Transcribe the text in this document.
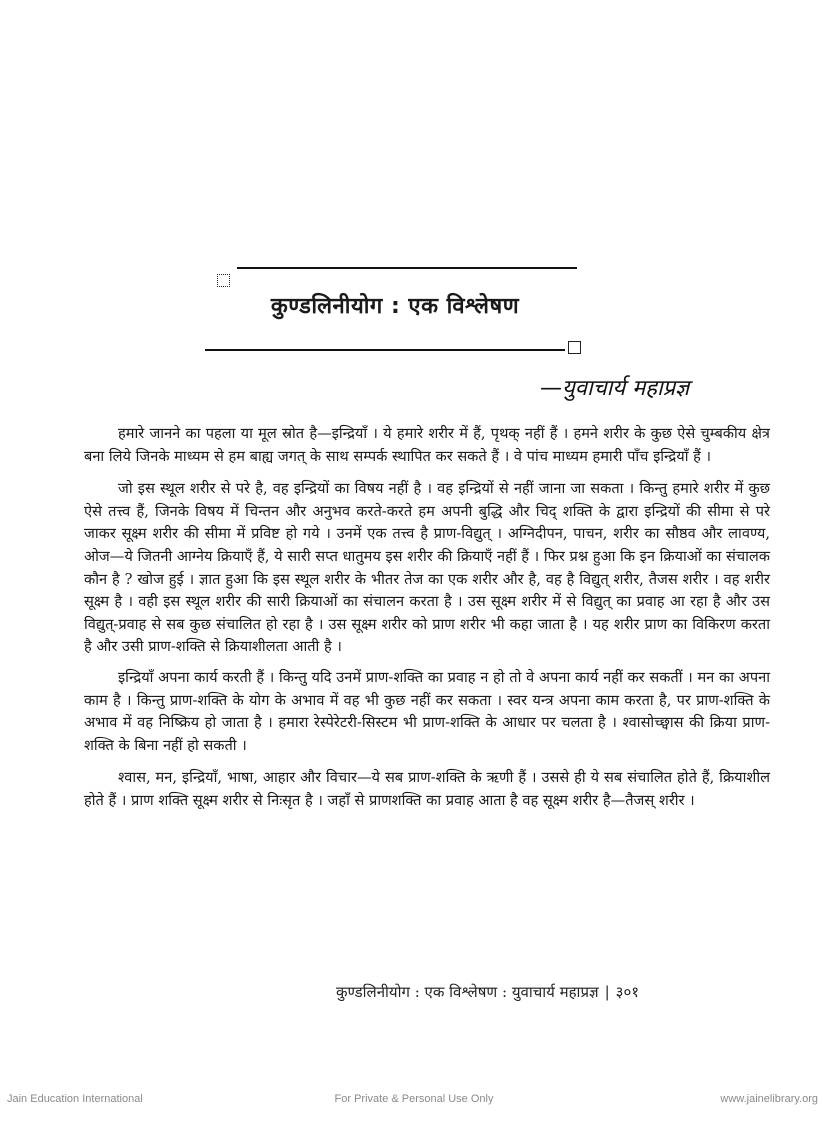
कुण्डलिनीयोग : एक विश्लेषण
—युवाचार्य महाप्रज्ञ

हमारे जानने का पहला या मूल स्रोत है—इन्द्रियाँ । ये हमारे शरीर में हैं, पृथक् नहीं हैं । हमने शरीर के कुछ ऐसे चुम्बकीय क्षेत्र बना लिये जिनके माध्यम से हम बाह्य जगत् के साथ सम्पर्क स्थापित कर सकते हैं । वे पांच माध्यम हमारी पाँच इन्द्रियाँ हैं ।

जो इस स्थूल शरीर से परे है, वह इन्द्रियों का विषय नहीं है । वह इन्द्रियों से नहीं जाना जा सकता । किन्तु हमारे शरीर में कुछ ऐसे तत्त्व हैं, जिनके विषय में चिन्तन और अनुभव करते-करते हम अपनी बुद्धि और चिद् शक्ति के द्वारा इन्द्रियों की सीमा से परे जाकर सूक्ष्म शरीर की सीमा में प्रविष्ट हो गये । उनमें एक तत्त्व है प्राण-विद्युत् । अग्निदीपन, पाचन, शरीर का सौष्ठव और लावण्य, ओज—ये जितनी आग्नेय क्रियाएँ हैं, ये सारी सप्त धातुमय इस शरीर की क्रियाएँ नहीं हैं । फिर प्रश्न हुआ कि इन क्रियाओं का संचालक कौन है ? खोज हुई । ज्ञात हुआ कि इस स्थूल शरीर के भीतर तेज का एक शरीर और है, वह है विद्युत् शरीर, तैजस शरीर । वह शरीर सूक्ष्म है । वही इस स्थूल शरीर की सारी क्रियाओं का संचालन करता है । उस सूक्ष्म शरीर में से विद्युत् का प्रवाह आ रहा है और उस विद्युत्-प्रवाह से सब कुछ संचालित हो रहा है । उस सूक्ष्म शरीर को प्राण शरीर भी कहा जाता है । यह शरीर प्राण का विकिरण करता है और उसी प्राण-शक्ति से क्रियाशीलता आती है ।

इन्द्रियाँ अपना कार्य करती हैं । किन्तु यदि उनमें प्राण-शक्ति का प्रवाह न हो तो वे अपना कार्य नहीं कर सकतीं । मन का अपना काम है । किन्तु प्राण-शक्ति के योग के अभाव में वह भी कुछ नहीं कर सकता । स्वर यन्त्र अपना काम करता है, पर प्राण-शक्ति के अभाव में वह निष्क्रिय हो जाता है । हमारा रेस्पेरेटरी-सिस्टम भी प्राण-शक्ति के आधार पर चलता है । श्वासोच्छ्वास की क्रिया प्राण-शक्ति के बिना नहीं हो सकती ।

श्वास, मन, इन्द्रियाँ, भाषा, आहार और विचार—ये सब प्राण-शक्ति के ऋणी हैं । उससे ही ये सब संचालित होते हैं, क्रियाशील होते हैं । प्राण शक्ति सूक्ष्म शरीर से निःसृत है । जहाँ से प्राणशक्ति का प्रवाह आता है वह सूक्ष्म शरीर है—तैजस् शरीर ।

कुण्डलिनीयोग : एक विश्लेषण : युवाचार्य महाप्रज्ञ | ३०१
Jain Education International	For Private & Personal Use Only	www.jainelibrary.org
